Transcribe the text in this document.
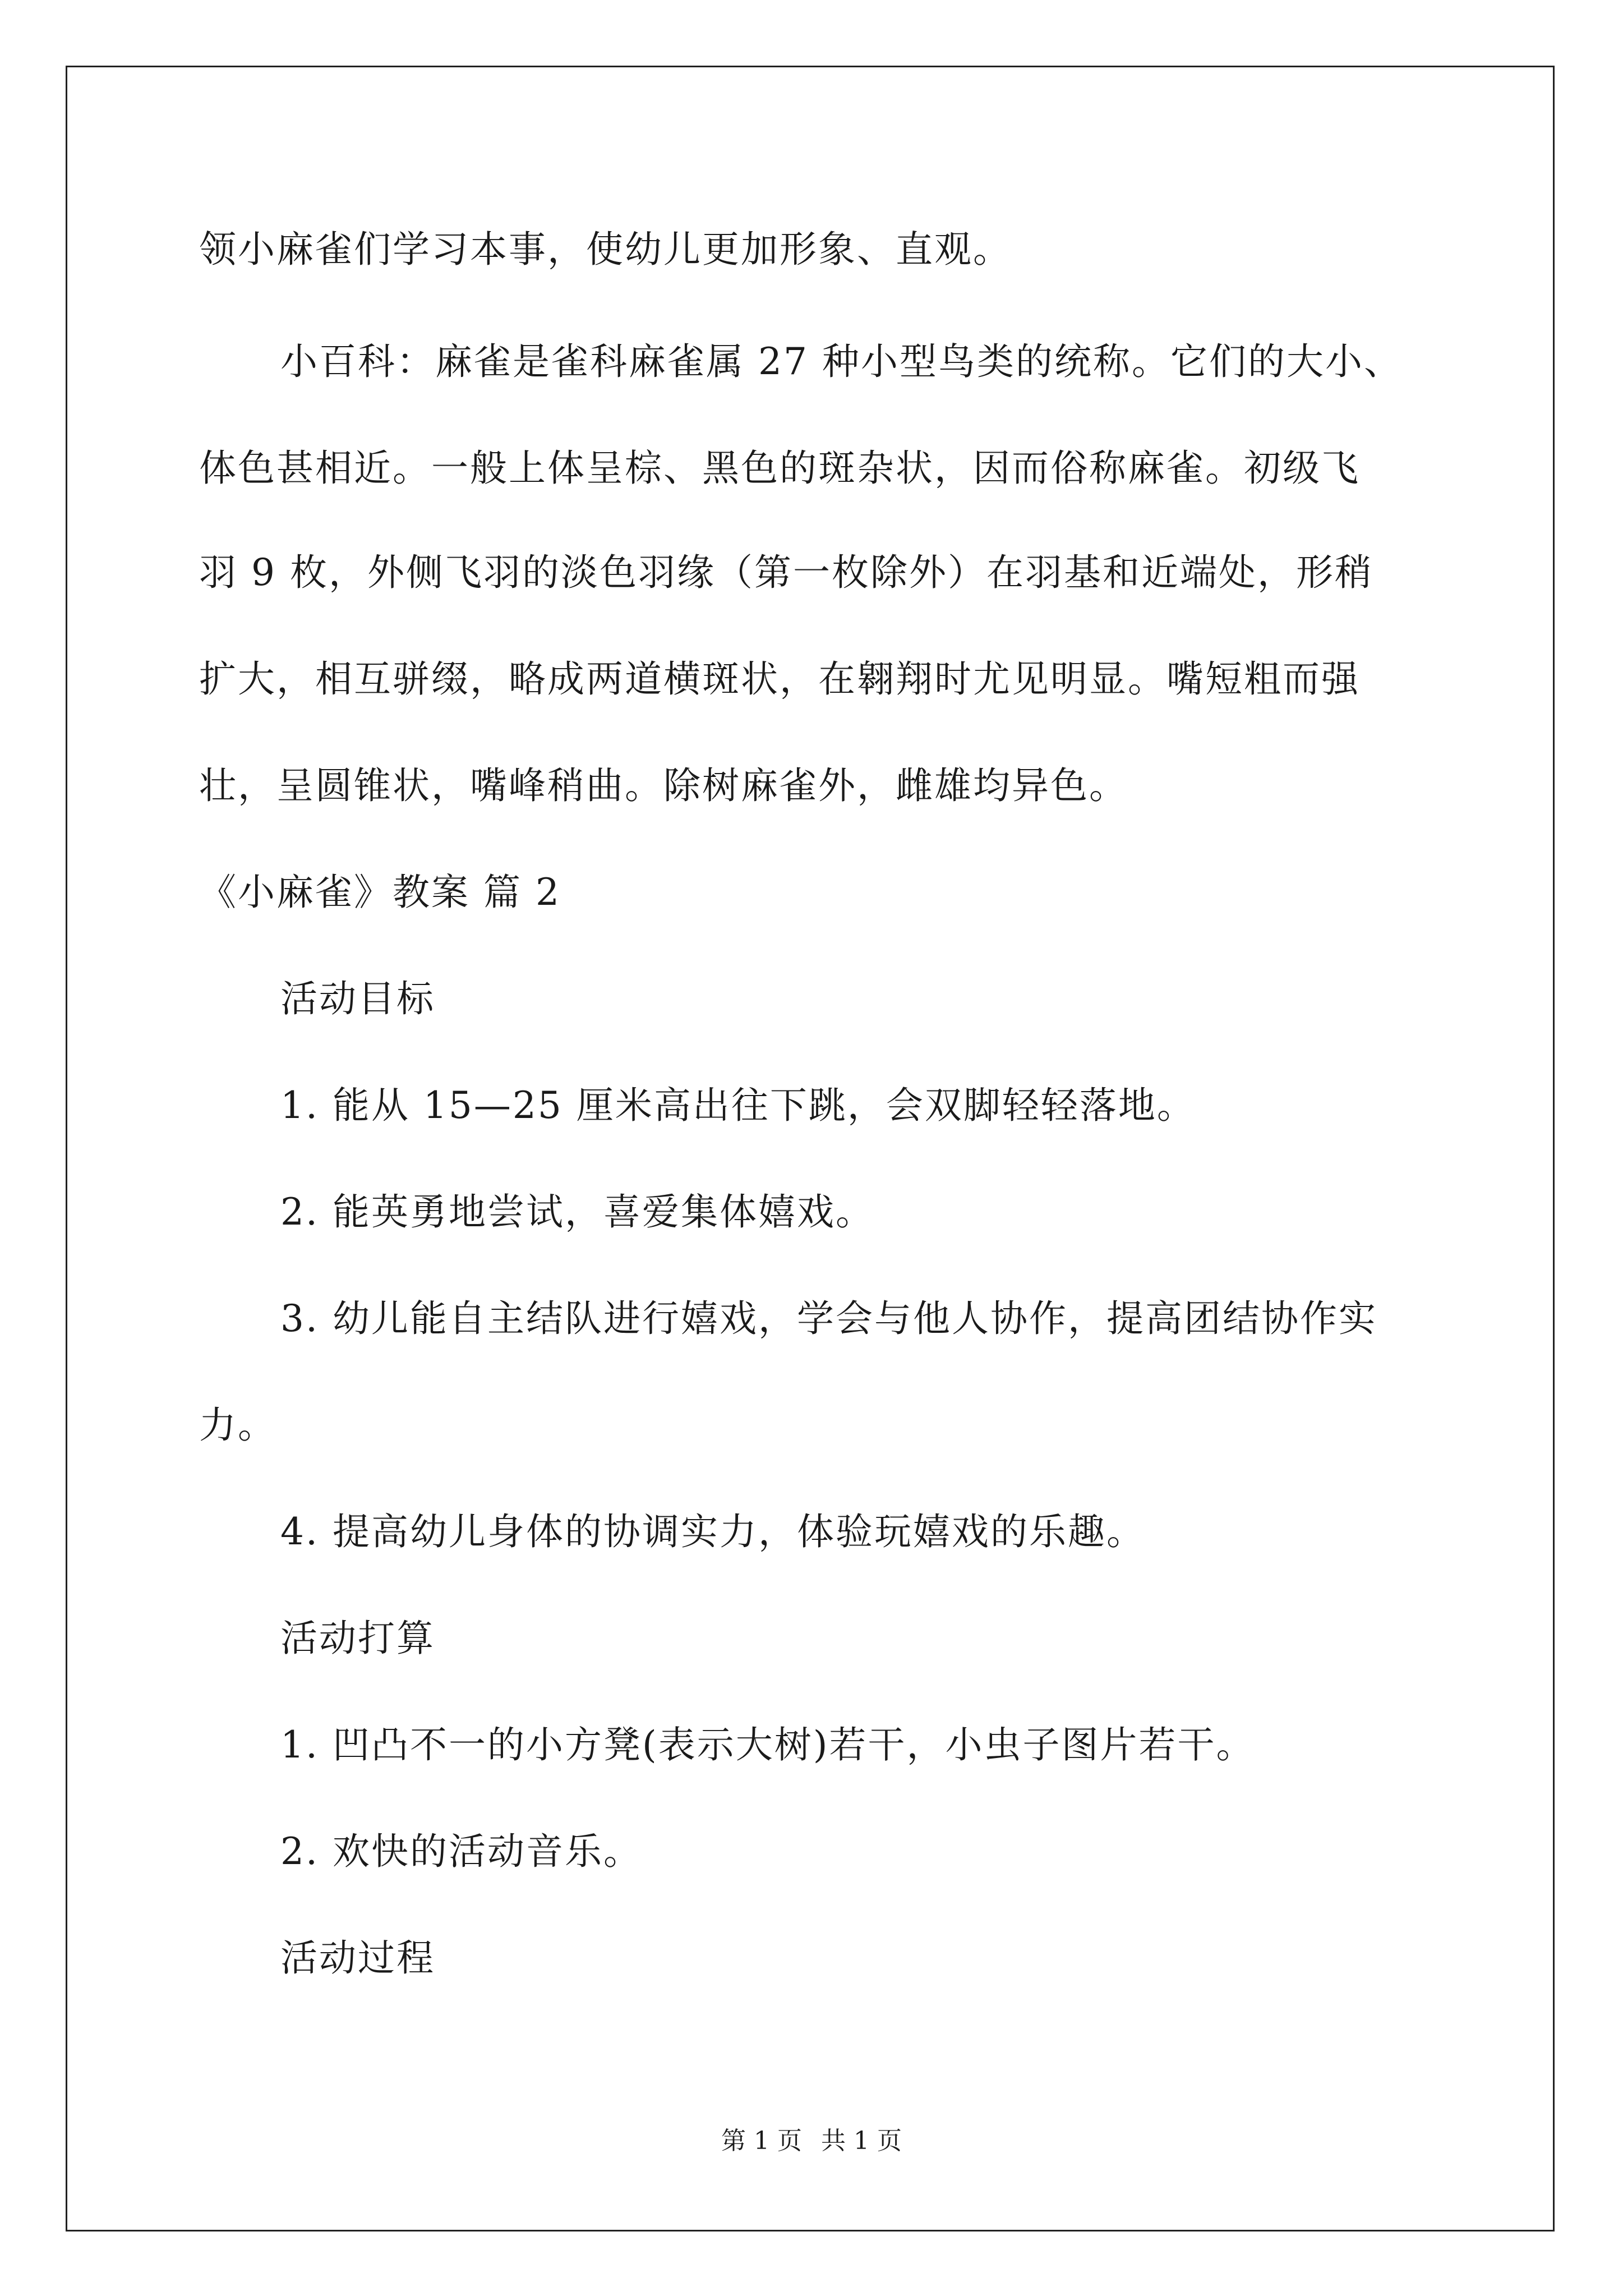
领小麻雀们学习本事，使幼儿更加形象、直观。
小百科：麻雀是雀科麻雀属 27 种小型鸟类的统称。它们的大小、
体色甚相近。一般上体呈棕、黑色的斑杂状，因而俗称麻雀。初级飞
羽 9 枚，外侧飞羽的淡色羽缘（第一枚除外）在羽基和近端处，形稍
扩大，相互骈缀，略成两道横斑状，在翱翔时尤见明显。嘴短粗而强
壮，呈圆锥状，嘴峰稍曲。除树麻雀外，雌雄均异色。
《小麻雀》教案 篇 2
活动目标
1. 能从 15—25 厘米高出往下跳，会双脚轻轻落地。
2. 能英勇地尝试，喜爱集体嬉戏。
3. 幼儿能自主结队进行嬉戏，学会与他人协作，提高团结协作实
力。
4. 提高幼儿身体的协调实力，体验玩嬉戏的乐趣。
活动打算
1. 凹凸不一的小方凳(表示大树)若干，小虫子图片若干。
2. 欢快的活动音乐。
活动过程
第 1 页 共 1 页
